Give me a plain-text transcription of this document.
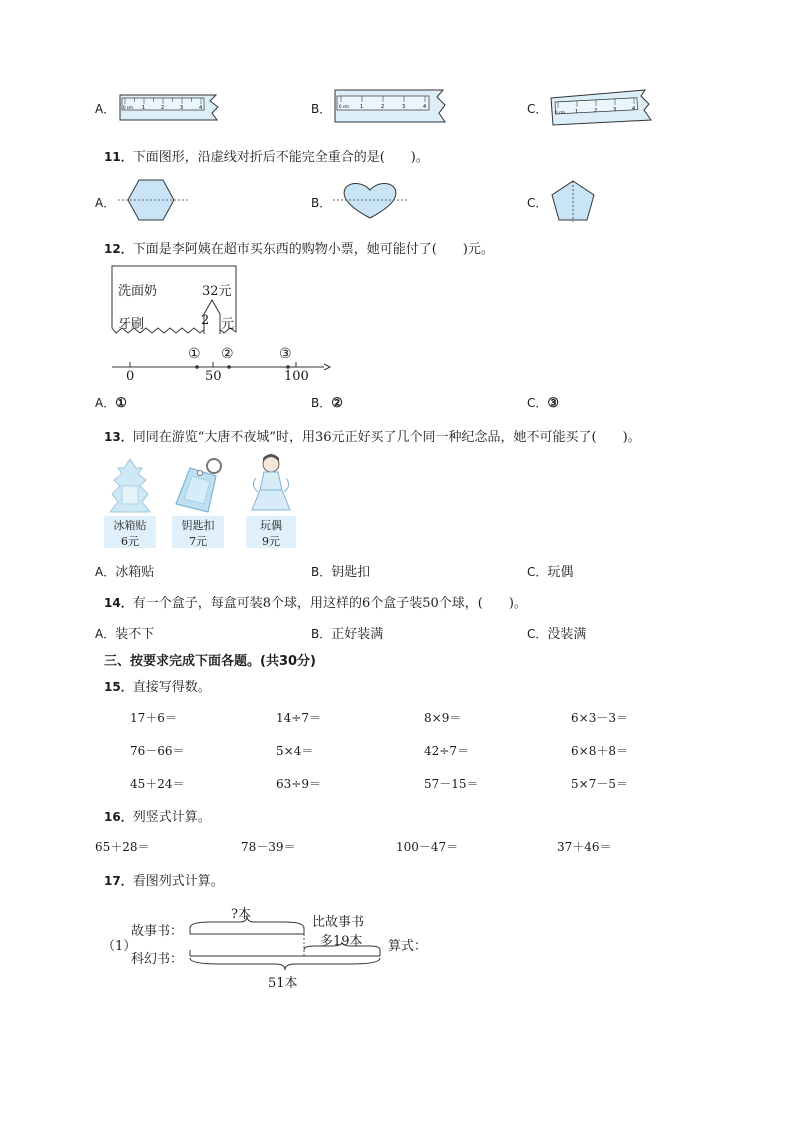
A． 0 cm 1	2	3	4	B． 0 cm 1	2	3	4	C． 0 cm 1	2	3	4
11．下面图形，沿虚线对折后不能完全重合的是(　　)。
A．	B．	C．
12．下面是李阿姨在超市买东西的购物小票，她可能付了(　　)元。
洗面奶	32元
牙刷	2 元
① ②	③
0	50	100
A．①	B．②	C．③
13．同同在游览“大唐不夜城”时，用36元正好买了几个同一种纪念品，她不可能买了(　　)。
冰箱贴
6元
钥匙扣
7元
玩偶
9元
A．冰箱贴	B．钥匙扣	C．玩偶
14．有一个盒子，每盒可装8个球，用这样的6个盒子装50个球，(　　)。
A．装不下	B．正好装满	C．没装满
三、按要求完成下面各题。(共30分)
15．直接写得数。
17＋6＝	14÷7＝	8×9＝	6×3－3＝
76－66＝	5×4＝	42÷7＝	6×8＋8＝
45＋24＝	63÷9＝	57－15＝	5×7－5＝
16．列竖式计算。
65＋28＝	78－39＝	100－47＝	37＋46＝
17．看图列式计算。
?本
故事书：
比故事书
多19本
（1）
科幻书：
算式：
51本
